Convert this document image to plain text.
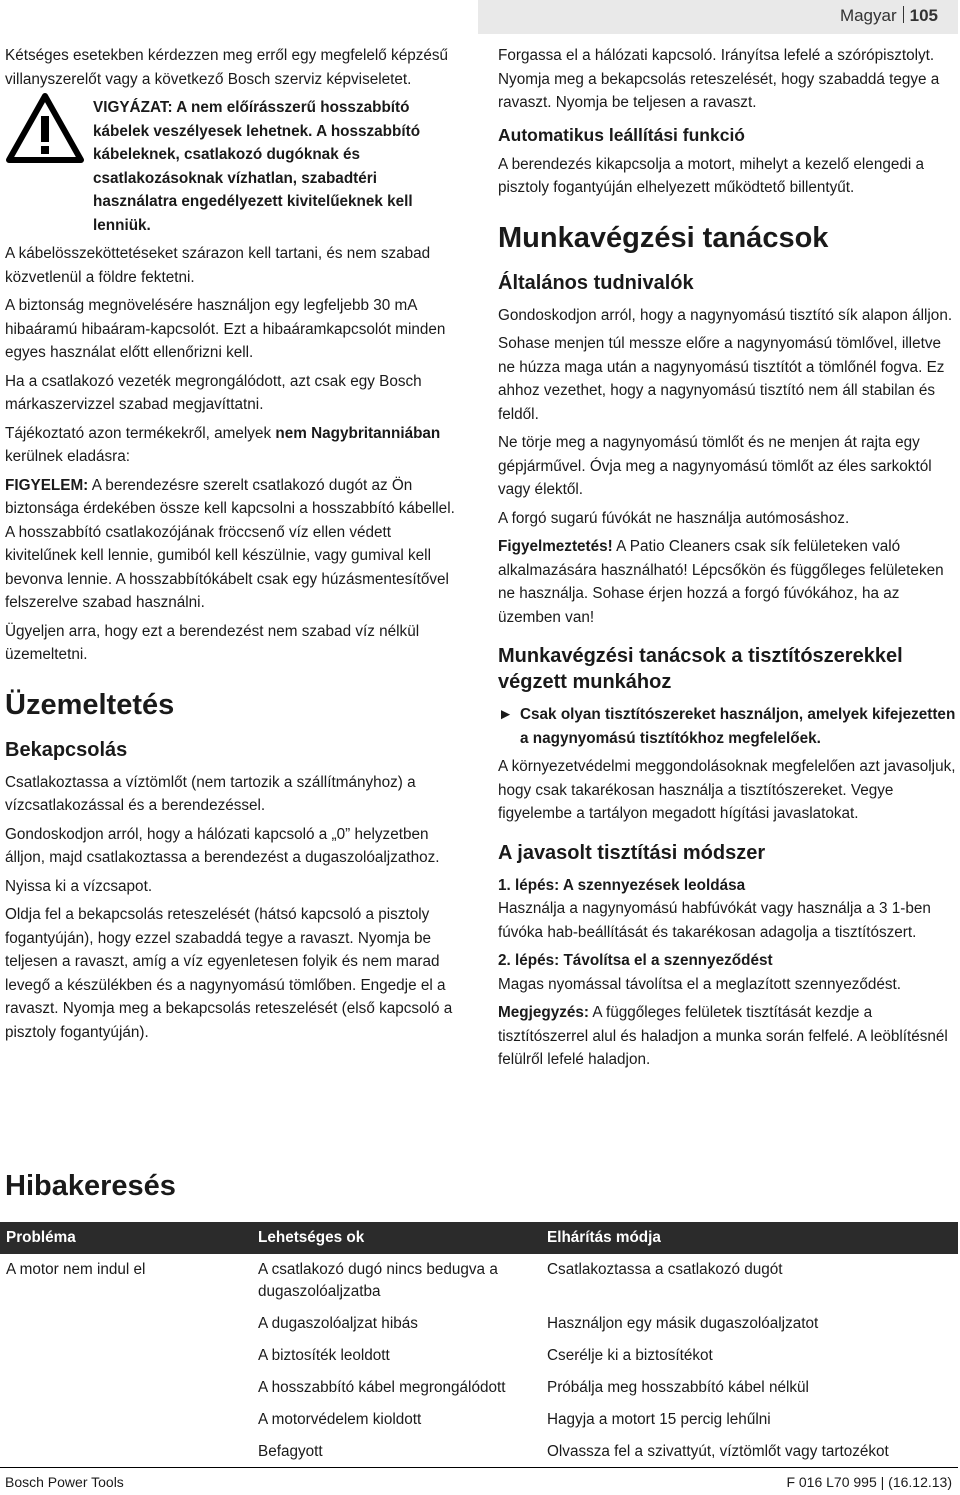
Magyar 105

Kétséges esetekben kérdezzen meg erről egy megfelelő képzésű villanyszerelőt vagy a következő Bosch szerviz képviseletet.

VIGYÁZAT: A nem előírásszerű hosszabbító kábelek veszélyesek lehetnek. A hosszabbító kábeleknek, csatlakozó dugóknak és csatlakozásoknak vízhatlan, szabadtéri használatra engedélyezett kivitelűeknek kell lenniük.

A kábelösszeköttetéseket szárazon kell tartani, és nem szabad közvetlenül a földre fektetni.

A biztonság megnövelésére használjon egy legfeljebb 30 mA hibaáramú hibaáram-kapcsolót. Ezt a hibaáramkapcsolót minden egyes használat előtt ellenőrizni kell.

Ha a csatlakozó vezeték megrongálódott, azt csak egy Bosch márkaszervizzel szabad megjavíttatni.

Tájékoztató azon termékekről, amelyek nem Nagybritanniában kerülnek eladásra:

FIGYELEM: A berendezésre szerelt csatlakozó dugót az Ön biztonsága érdekében össze kell kapcsolni a hosszabbító kábellel. A hosszabbító csatlakozójának fröccsenő víz ellen védett kivitelűnek kell lennie, gumiból kell készülnie, vagy gumival kell bevonva lennie. A hosszabbítókábelt csak egy húzásmentesítővel felszerelve szabad használni.

Ügyeljen arra, hogy ezt a berendezést nem szabad víz nélkül üzemeltetni.

Üzemeltetés
Bekapcsolás

Csatlakoztassa a víztömlőt (nem tartozik a szállítmányhoz) a vízcsatlakozással és a berendezéssel.

Gondoskodjon arról, hogy a hálózati kapcsoló a „0” helyzetben álljon, majd csatlakoztassa a berendezést a dugaszolóaljzathoz.

Nyissa ki a vízcsapot.

Oldja fel a bekapcsolás reteszelését (hátsó kapcsoló a pisztoly fogantyúján), hogy ezzel szabaddá tegye a ravaszt. Nyomja be teljesen a ravaszt, amíg a víz egyenletesen folyik és nem marad levegő a készülékben és a nagynyomású tömlőben. Engedje el a ravaszt. Nyomja meg a bekapcsolás reteszelését (első kapcsoló a pisztoly fogantyúján).

Forgassa el a hálózati kapcsoló. Irányítsa lefelé a szórópisztolyt. Nyomja meg a bekapcsolás reteszelését, hogy szabaddá tegye a ravaszt. Nyomja be teljesen a ravaszt.

Automatikus leállítási funkció

A berendezés kikapcsolja a motort, mihelyt a kezelő elengedi a pisztoly fogantyúján elhelyezett működtető billentyűt.

Munkavégzési tanácsok
Általános tudnivalók

Gondoskodjon arról, hogy a nagynyomású tisztító sík alapon álljon.

Sohase menjen túl messze előre a nagynyomású tömlővel, illetve ne húzza maga után a nagynyomású tisztítót a tömlőnél fogva. Ez ahhoz vezethet, hogy a nagynyomású tisztító nem áll stabilan és feldől.

Ne törje meg a nagynyomású tömlőt és ne menjen át rajta egy gépjárművel. Óvja meg a nagynyomású tömlőt az éles sarkoktól vagy élektől.

A forgó sugarú fúvókát ne használja autómosáshoz.

Figyelmeztetés! A Patio Cleaners csak sík felületeken való alkalmazására használható! Lépcsőkön és függőleges felületeken ne használja. Sohase érjen hozzá a forgó fúvókához, ha az üzemben van!

Munkavégzési tanácsok a tisztítószerekkel végzett munkához

► Csak olyan tisztítószereket használjon, amelyek kifejezetten a nagynyomású tisztítókhoz megfelelőek.

A környezetvédelmi meggondolásoknak megfelelően azt javasoljuk, hogy csak takarékosan használja a tisztítószereket. Vegye figyelembe a tartályon megadott hígítási javaslatokat.

A javasolt tisztítási módszer

1. lépés: A szennyezések leoldása
Használja a nagynyomású habfúvókát vagy használja a 3 1-ben fúvóka hab-beállítását és takarékosan adagolja a tisztítószert.

2. lépés: Távolítsa el a szennyeződést
Magas nyomással távolítsa el a meglazított szennyeződést.

Megjegyzés: A függőleges felületek tisztítását kezdje a tisztítószerrel alul és haladjon a munka során felfelé. A leöblítésnél felülről lefelé haladjon.

Hibakeresés
Probléma	Lehetséges ok	Elhárítás módja
A motor nem indul el	A csatlakozó dugó nincs bedugva a dugaszolóaljzatba	Csatlakoztassa a csatlakozó dugót
	A dugaszolóaljzat hibás	Használjon egy másik dugaszolóaljzatot
	A biztosíték leoldott	Cserélje ki a biztosítékot
	A hosszabbító kábel megrongálódott	Próbálja meg hosszabbító kábel nélkül
	A motorvédelem kioldott	Hagyja a motort 15 percig lehűlni
	Befagyott	Olvassza fel a szivattyút, víztömlőt vagy tartozékot
Bosch Power Tools	F 016 L70 995 | (16.12.13)
